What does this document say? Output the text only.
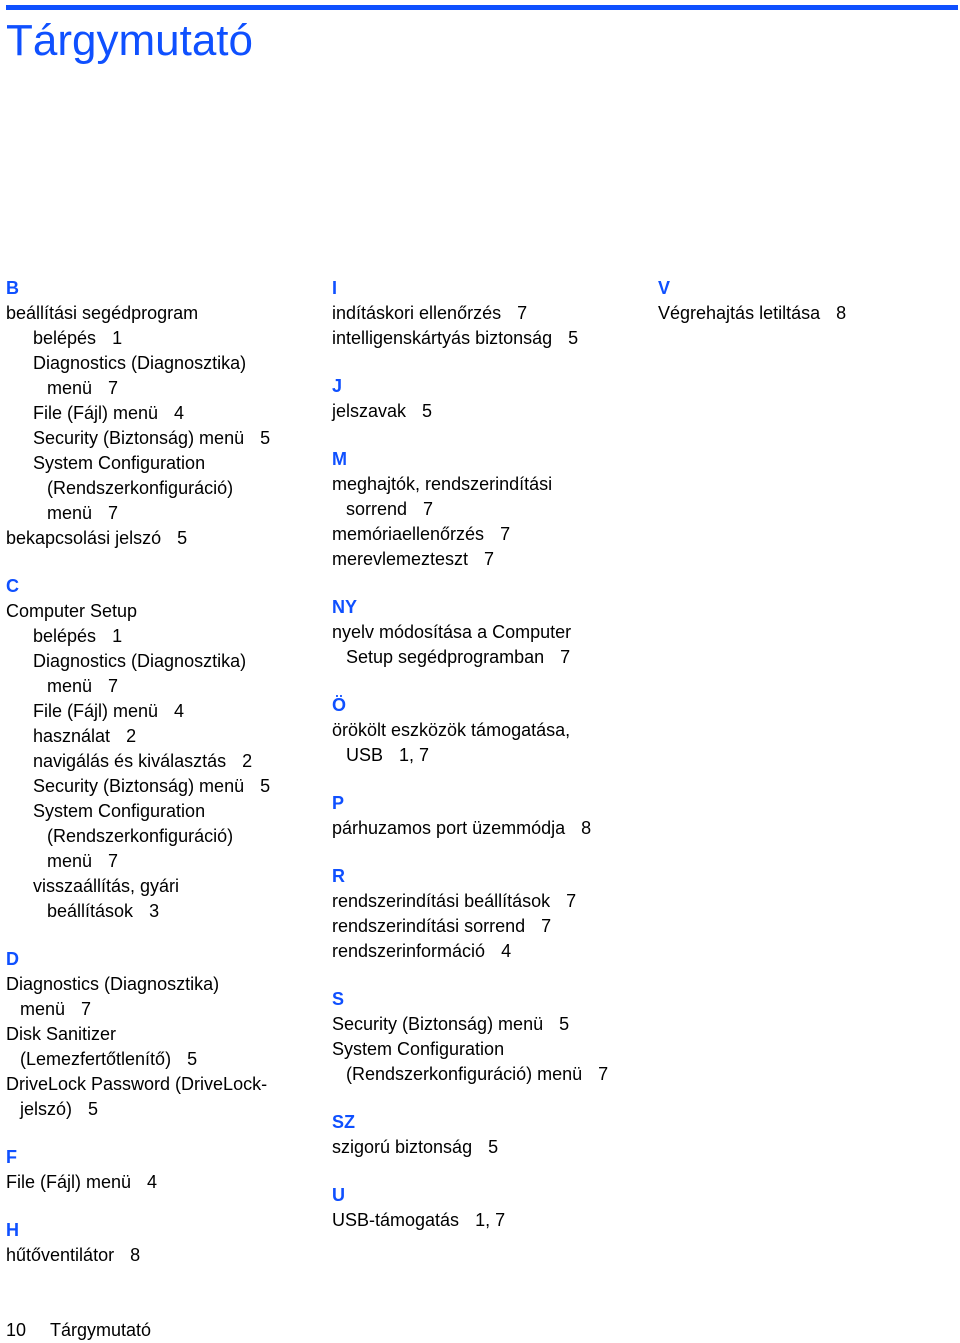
Tárgymutató
B
beállítási segédprogram
belépés 1
Diagnostics (Diagnosztika)
menü 7
File (Fájl) menü 4
Security (Biztonság) menü 5
System Configuration
(Rendszerkonfiguráció)
menü 7
bekapcsolási jelszó 5
C
Computer Setup
belépés 1
Diagnostics (Diagnosztika)
menü 7
File (Fájl) menü 4
használat 2
navigálás és kiválasztás 2
Security (Biztonság) menü 5
System Configuration
(Rendszerkonfiguráció)
menü 7
visszaállítás, gyári
beállítások 3
D
Diagnostics (Diagnosztika)
menü 7
Disk Sanitizer
(Lemezfertőtlenítő) 5
DriveLock Password (DriveLock-
jelszó) 5
F
File (Fájl) menü 4
H
hűtőventilátor 8
I
indításkori ellenőrzés 7
intelligenskártyás biztonság 5
J
jelszavak 5
M
meghajtók, rendszerindítási
sorrend 7
memóriaellenőrzés 7
merevlemezteszt 7
NY
nyelv módosítása a Computer
Setup segédprogramban 7
Ö
örökölt eszközök támogatása,
USB 1, 7
P
párhuzamos port üzemmódja 8
R
rendszerindítási beállítások 7
rendszerindítási sorrend 7
rendszerinformáció 4
S
Security (Biztonság) menü 5
System Configuration
(Rendszerkonfiguráció) menü 7
SZ
szigorú biztonság 5
U
USB-támogatás 1, 7
V
Végrehajtás letiltása 8
10 Tárgymutató
